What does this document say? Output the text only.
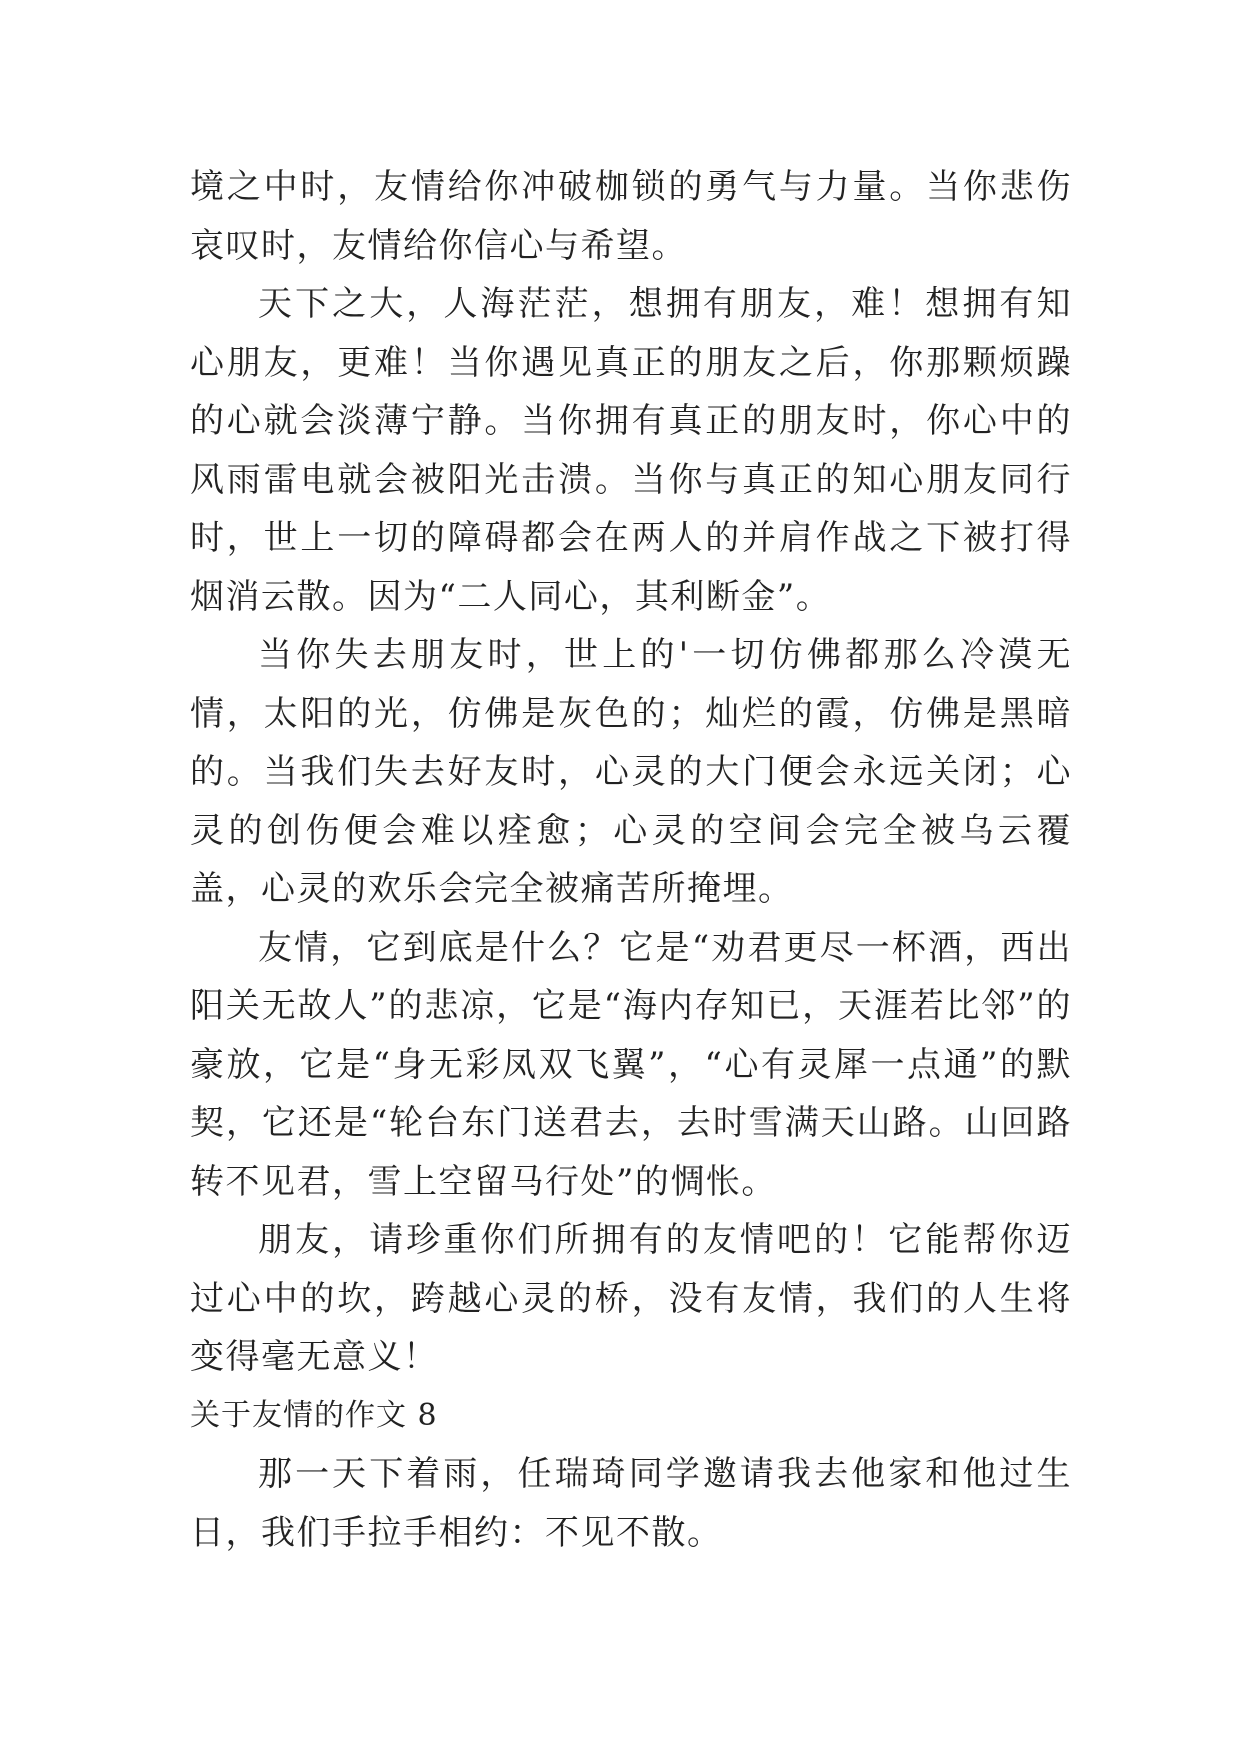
境之中时，友情给你冲破枷锁的勇气与力量。当你悲伤哀叹时，友情给你信心与希望。

天下之大，人海茫茫，想拥有朋友，难！想拥有知心朋友，更难！当你遇见真正的朋友之后，你那颗烦躁的心就会淡薄宁静。当你拥有真正的朋友时，你心中的风雨雷电就会被阳光击溃。当你与真正的知心朋友同行时，世上一切的障碍都会在两人的并肩作战之下被打得烟消云散。因为“二人同心，其利断金”。

当你失去朋友时，世上的'一切仿佛都那么冷漠无情，太阳的光，仿佛是灰色的；灿烂的霞，仿佛是黑暗的。当我们失去好友时，心灵的大门便会永远关闭；心灵的创伤便会难以痊愈；心灵的空间会完全被乌云覆盖，心灵的欢乐会完全被痛苦所掩埋。

友情，它到底是什么？它是“劝君更尽一杯酒，西出阳关无故人”的悲凉，它是“海内存知已，天涯若比邻”的豪放，它是“身无彩凤双飞翼”，“心有灵犀一点通”的默契，它还是“轮台东门送君去，去时雪满天山路。山回路转不见君，雪上空留马行处”的惆怅。

朋友，请珍重你们所拥有的友情吧的！它能帮你迈过心中的坎，跨越心灵的桥，没有友情，我们的人生将变得毫无意义！

关于友情的作文 8

那一天下着雨，任瑞琦同学邀请我去他家和他过生日，我们手拉手相约：不见不散。
